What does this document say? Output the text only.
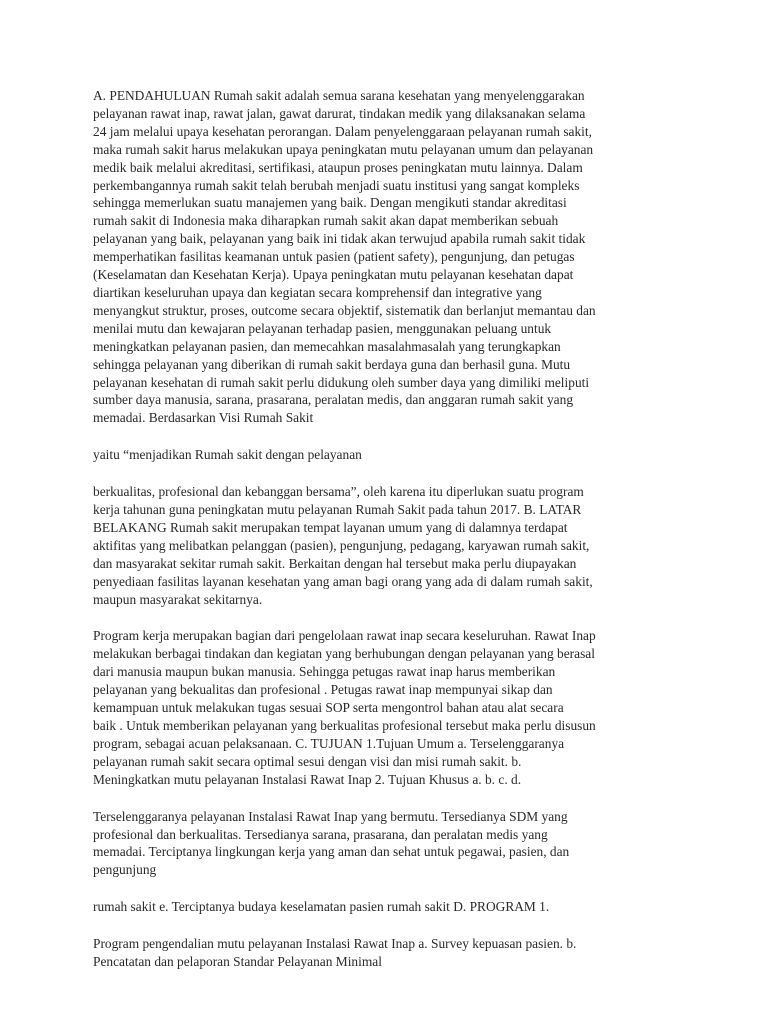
A. PENDAHULUAN Rumah sakit adalah semua sarana kesehatan yang menyelenggarakan
pelayanan rawat inap, rawat jalan, gawat darurat, tindakan medik yang dilaksanakan selama
24 jam melalui upaya kesehatan perorangan. Dalam penyelenggaraan pelayanan rumah sakit,
maka rumah sakit harus melakukan upaya peningkatan mutu pelayanan umum dan pelayanan
medik baik melalui akreditasi, sertifikasi, ataupun proses peningkatan mutu lainnya. Dalam
perkembangannya rumah sakit telah berubah menjadi suatu institusi yang sangat kompleks
sehingga memerlukan suatu manajemen yang baik. Dengan mengikuti standar akreditasi
rumah sakit di Indonesia maka diharapkan rumah sakit akan dapat memberikan sebuah
pelayanan yang baik, pelayanan yang baik ini tidak akan terwujud apabila rumah sakit tidak
memperhatikan fasilitas keamanan untuk pasien (patient safety), pengunjung, dan petugas
(Keselamatan dan Kesehatan Kerja). Upaya peningkatan mutu pelayanan kesehatan dapat
diartikan keseluruhan upaya dan kegiatan secara komprehensif dan integrative yang
menyangkut struktur, proses, outcome secara objektif, sistematik dan berlanjut memantau dan
menilai mutu dan kewajaran pelayanan terhadap pasien, menggunakan peluang untuk
meningkatkan pelayanan pasien, dan memecahkan masalahmasalah yang terungkapkan
sehingga pelayanan yang diberikan di rumah sakit berdaya guna dan berhasil guna. Mutu
pelayanan kesehatan di rumah sakit perlu didukung oleh sumber daya yang dimiliki meliputi
sumber daya manusia, sarana, prasarana, peralatan medis, dan anggaran rumah sakit yang
memadai. Berdasarkan Visi Rumah Sakit

yaitu “menjadikan Rumah sakit dengan pelayanan

berkualitas, profesional dan kebanggan bersama”, oleh karena itu diperlukan suatu program
kerja tahunan guna peningkatan mutu pelayanan Rumah Sakit pada tahun 2017. B. LATAR
BELAKANG Rumah sakit merupakan tempat layanan umum yang di dalamnya terdapat
aktifitas yang melibatkan pelanggan (pasien), pengunjung, pedagang, karyawan rumah sakit,
dan masyarakat sekitar rumah sakit. Berkaitan dengan hal tersebut maka perlu diupayakan
penyediaan fasilitas layanan kesehatan yang aman bagi orang yang ada di dalam rumah sakit,
maupun masyarakat sekitarnya.

Program kerja merupakan bagian dari pengelolaan rawat inap secara keseluruhan. Rawat Inap
melakukan berbagai tindakan dan kegiatan yang berhubungan dengan pelayanan yang berasal
dari manusia maupun bukan manusia. Sehingga petugas rawat inap harus memberikan
pelayanan yang bekualitas dan profesional . Petugas rawat inap mempunyai sikap dan
kemampuan untuk melakukan tugas sesuai SOP serta mengontrol bahan atau alat secara
baik . Untuk memberikan pelayanan yang berkualitas profesional tersebut maka perlu disusun
program, sebagai acuan pelaksanaan. C. TUJUAN 1.Tujuan Umum a. Terselenggaranya
pelayanan rumah sakit secara optimal sesui dengan visi dan misi rumah sakit. b.
Meningkatkan mutu pelayanan Instalasi Rawat Inap 2. Tujuan Khusus a. b. c. d.

Terselenggaranya pelayanan Instalasi Rawat Inap yang bermutu. Tersedianya SDM yang
profesional dan berkualitas. Tersedianya sarana, prasarana, dan peralatan medis yang
memadai. Terciptanya lingkungan kerja yang aman dan sehat untuk pegawai, pasien, dan
pengunjung

rumah sakit e. Terciptanya budaya keselamatan pasien rumah sakit D. PROGRAM 1.

Program pengendalian mutu pelayanan Instalasi Rawat Inap a. Survey kepuasan pasien. b.
Pencatatan dan pelaporan Standar Pelayanan Minimal
